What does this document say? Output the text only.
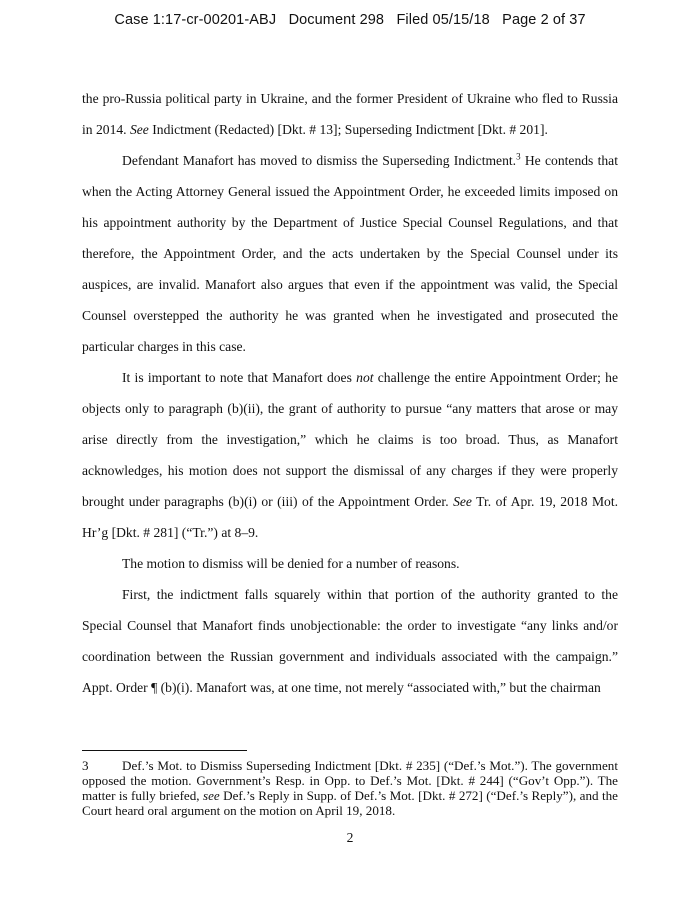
Case 1:17-cr-00201-ABJ Document 298 Filed 05/15/18 Page 2 of 37

the pro-Russia political party in Ukraine, and the former President of Ukraine who fled to Russia in 2014. See Indictment (Redacted) [Dkt. # 13]; Superseding Indictment [Dkt. # 201].

Defendant Manafort has moved to dismiss the Superseding Indictment.$^3$ He contends that when the Acting Attorney General issued the Appointment Order, he exceeded limits imposed on his appointment authority by the Department of Justice Special Counsel Regulations, and that therefore, the Appointment Order, and the acts undertaken by the Special Counsel under its auspices, are invalid. Manafort also argues that even if the appointment was valid, the Special Counsel overstepped the authority he was granted when he investigated and prosecuted the particular charges in this case.

It is important to note that Manafort does not challenge the entire Appointment Order; he objects only to paragraph (b)(ii), the grant of authority to pursue “any matters that arose or may arise directly from the investigation,” which he claims is too broad. Thus, as Manafort acknowledges, his motion does not support the dismissal of any charges if they were properly brought under paragraphs (b)(i) or (iii) of the Appointment Order. See Tr. of Apr. 19, 2018 Mot. Hr’g [Dkt. # 281] (“Tr.”) at 8–9.

The motion to dismiss will be denied for a number of reasons.

First, the indictment falls squarely within that portion of the authority granted to the Special Counsel that Manafort finds unobjectionable: the order to investigate “any links and/or coordination between the Russian government and individuals associated with the campaign.” Appt. Order ¶ (b)(i). Manafort was, at one time, not merely “associated with,” but the chairman

3	Def.’s Mot. to Dismiss Superseding Indictment [Dkt. # 235] (“Def.’s Mot.”). The government opposed the motion. Government’s Resp. in Opp. to Def.’s Mot. [Dkt. # 244] (“Gov’t Opp.”). The matter is fully briefed, see Def.’s Reply in Supp. of Def.’s Mot. [Dkt. # 272] (“Def.’s Reply”), and the Court heard oral argument on the motion on April 19, 2018.
2
